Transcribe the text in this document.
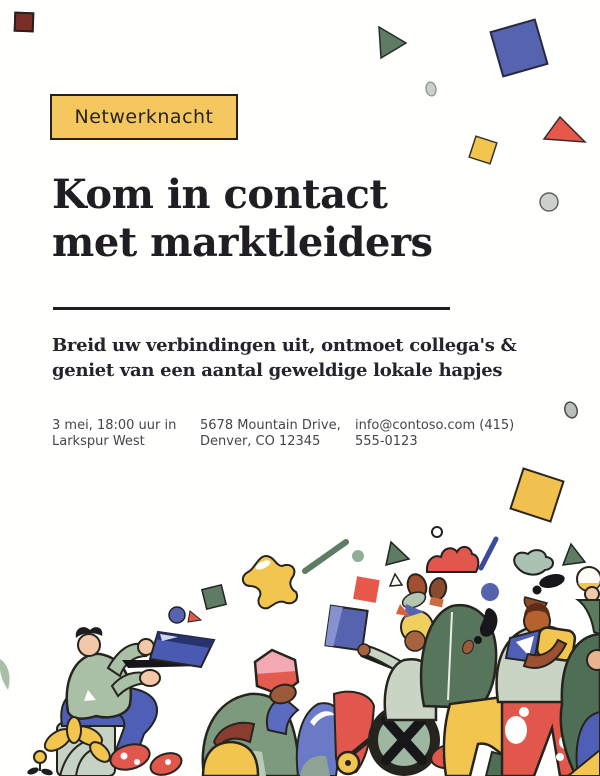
Netwerknacht
Kom in contact
met marktleiders
Breid uw verbindingen uit, ontmoet collega's &
geniet van een aantal geweldige lokale hapjes
3 mei, 18:00 uur in
Larkspur West
5678 Mountain Drive,
Denver, CO 12345
info@contoso.com (415)
555-0123
